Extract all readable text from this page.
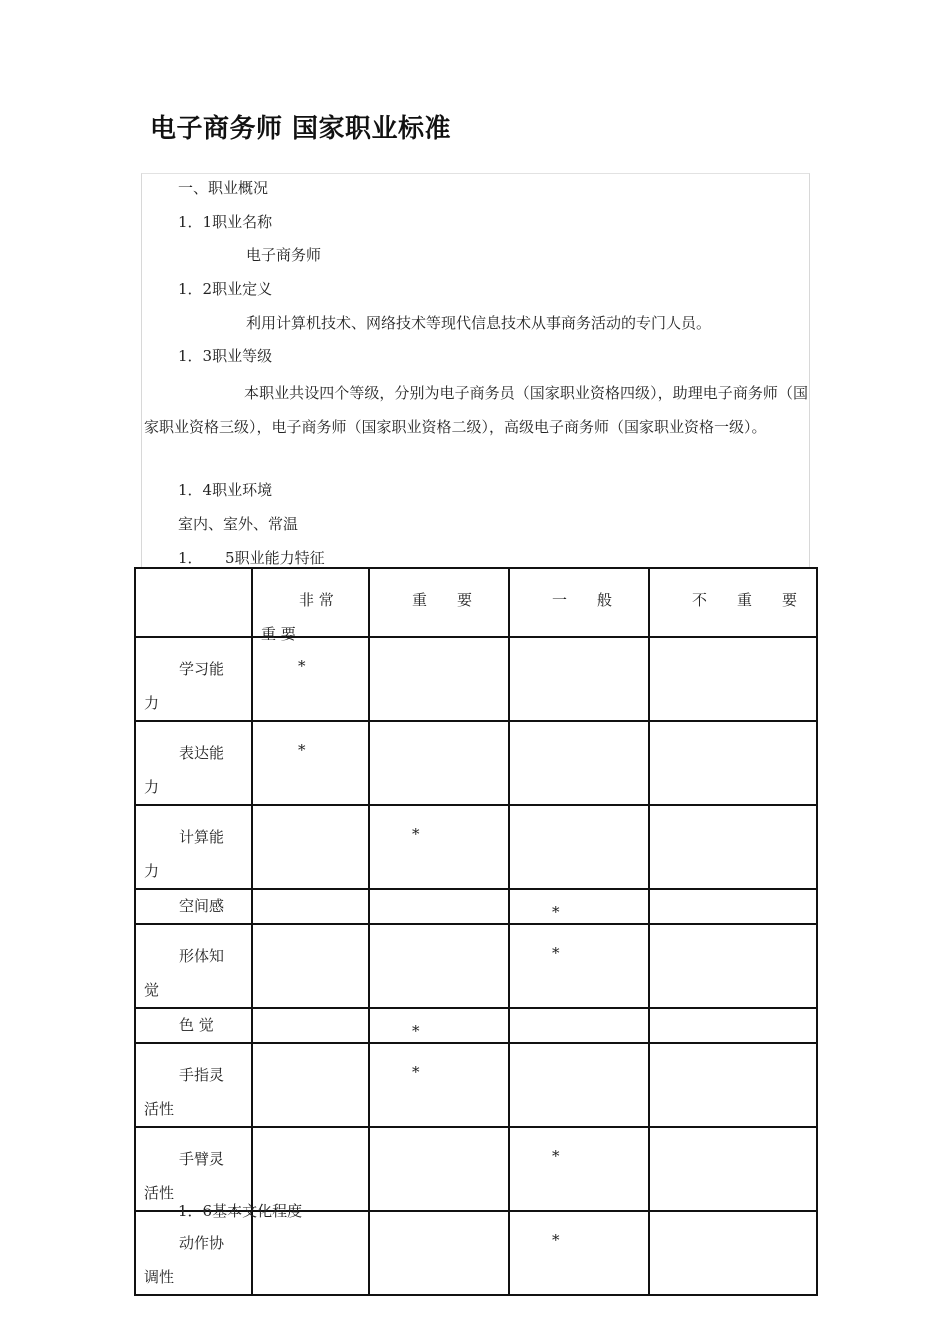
电子商务师 国家职业标准
一、职业概况
1．1职业名称
电子商务师
1．2职业定义
利用计算机技术、网络技术等现代信息技术从事商务活动的专门人员。
1．3职业等级
本职业共设四个等级，分别为电子商务员（国家职业资格四级），助理电子商务师（国家职业资格三级），电子商务师（国家职业资格二级），高级电子商务师（国家职业资格一级）。
1．4职业环境
室内、室外、常温
1．　　5职业能力特征

	非 常
重 要	重　　要	一　　般	不　　重　　要

学习能
力	*			

表达能
力	*			

计算能
力		*		

空间感			*	

形体知
觉			*	

色 觉		*		

手指灵
活性		*		

手臂灵
活性			*	

动作协
调性			*	

1．6基本文化程度
